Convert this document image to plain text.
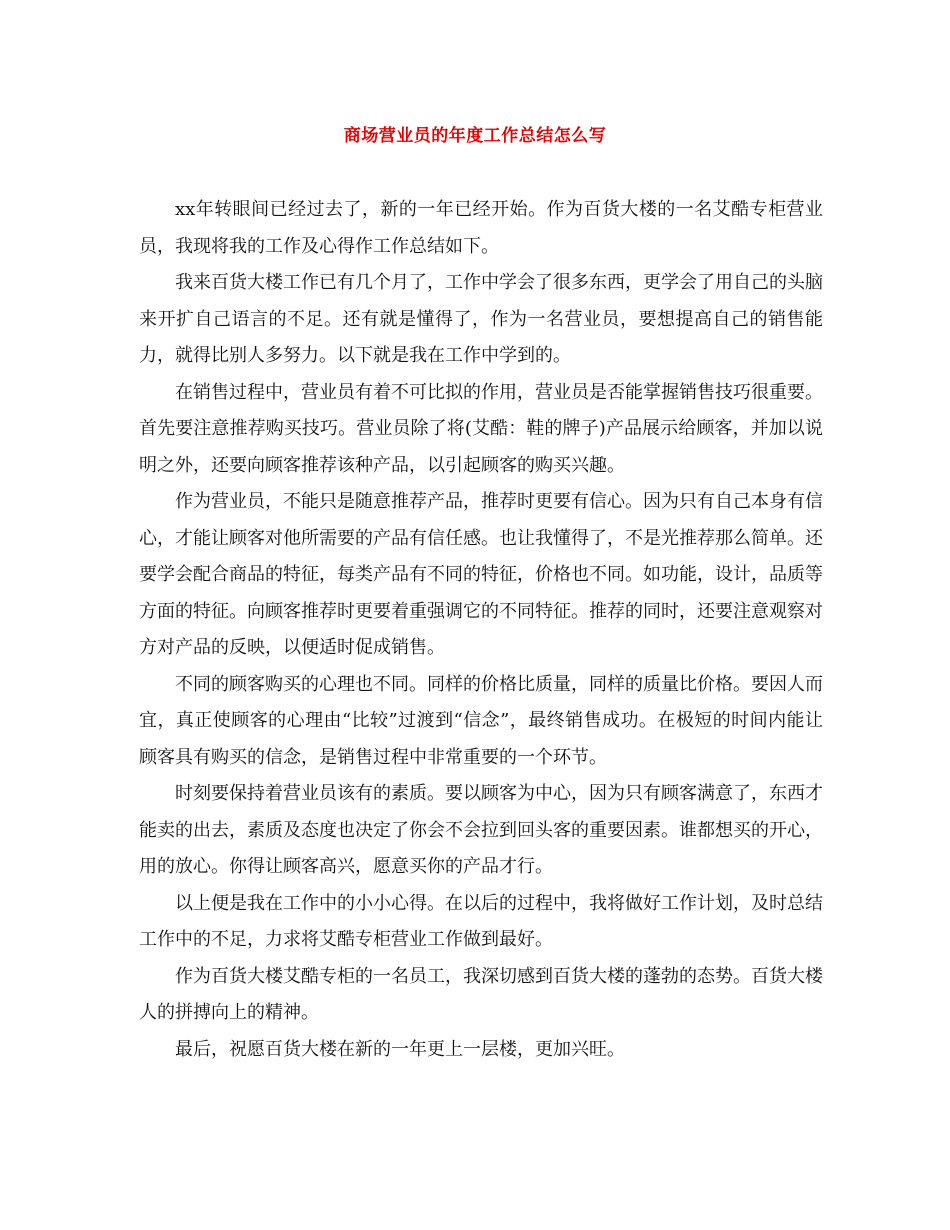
商场营业员的年度工作总结怎么写

xx年转眼间已经过去了，新的一年已经开始。作为百货大楼的一名艾酷专柜营业员，我现将我的工作及心得作工作总结如下。

我来百货大楼工作已有几个月了，工作中学会了很多东西，更学会了用自己的头脑来开扩自己语言的不足。还有就是懂得了，作为一名营业员，要想提高自己的销售能力，就得比别人多努力。以下就是我在工作中学到的。

在销售过程中，营业员有着不可比拟的作用，营业员是否能掌握销售技巧很重要。首先要注意推荐购买技巧。营业员除了将(艾酷：鞋的牌子)产品展示给顾客，并加以说明之外，还要向顾客推荐该种产品，以引起顾客的购买兴趣。

作为营业员，不能只是随意推荐产品，推荐时更要有信心。因为只有自己本身有信心，才能让顾客对他所需要的产品有信任感。也让我懂得了，不是光推荐那么简单。还要学会配合商品的特征，每类产品有不同的特征，价格也不同。如功能，设计，品质等方面的特征。向顾客推荐时更要着重强调它的不同特征。推荐的同时，还要注意观察对方对产品的反映，以便适时促成销售。

不同的顾客购买的心理也不同。同样的价格比质量，同样的质量比价格。要因人而宜，真正使顾客的心理由“比较”过渡到“信念”，最终销售成功。在极短的时间内能让顾客具有购买的信念，是销售过程中非常重要的一个环节。

时刻要保持着营业员该有的素质。要以顾客为中心，因为只有顾客满意了，东西才能卖的出去，素质及态度也决定了你会不会拉到回头客的重要因素。谁都想买的开心，用的放心。你得让顾客高兴，愿意买你的产品才行。

以上便是我在工作中的小小心得。在以后的过程中，我将做好工作计划，及时总结工作中的不足，力求将艾酷专柜营业工作做到最好。

作为百货大楼艾酷专柜的一名员工，我深切感到百货大楼的蓬勃的态势。百货大楼人的拼搏向上的精神。

最后，祝愿百货大楼在新的一年更上一层楼，更加兴旺。
